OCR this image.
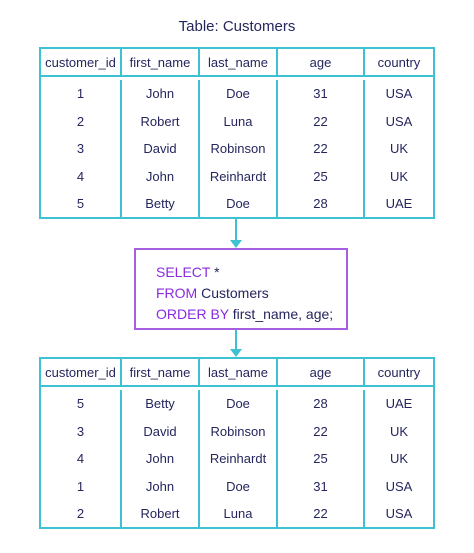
Table: Customers
customer_id	first_name	last_name	age	country
1	John	Doe	31	USA
2	Robert	Luna	22	USA
3	David	Robinson	22	UK
4	John	Reinhardt	25	UK
5	Betty	Doe	28	UAE
SELECT *
FROM Customers
ORDER BY first_name, age;
customer_id	first_name	last_name	age	country
5	Betty	Doe	28	UAE
3	David	Robinson	22	UK
4	John	Reinhardt	25	UK
1	John	Doe	31	USA
2	Robert	Luna	22	USA
